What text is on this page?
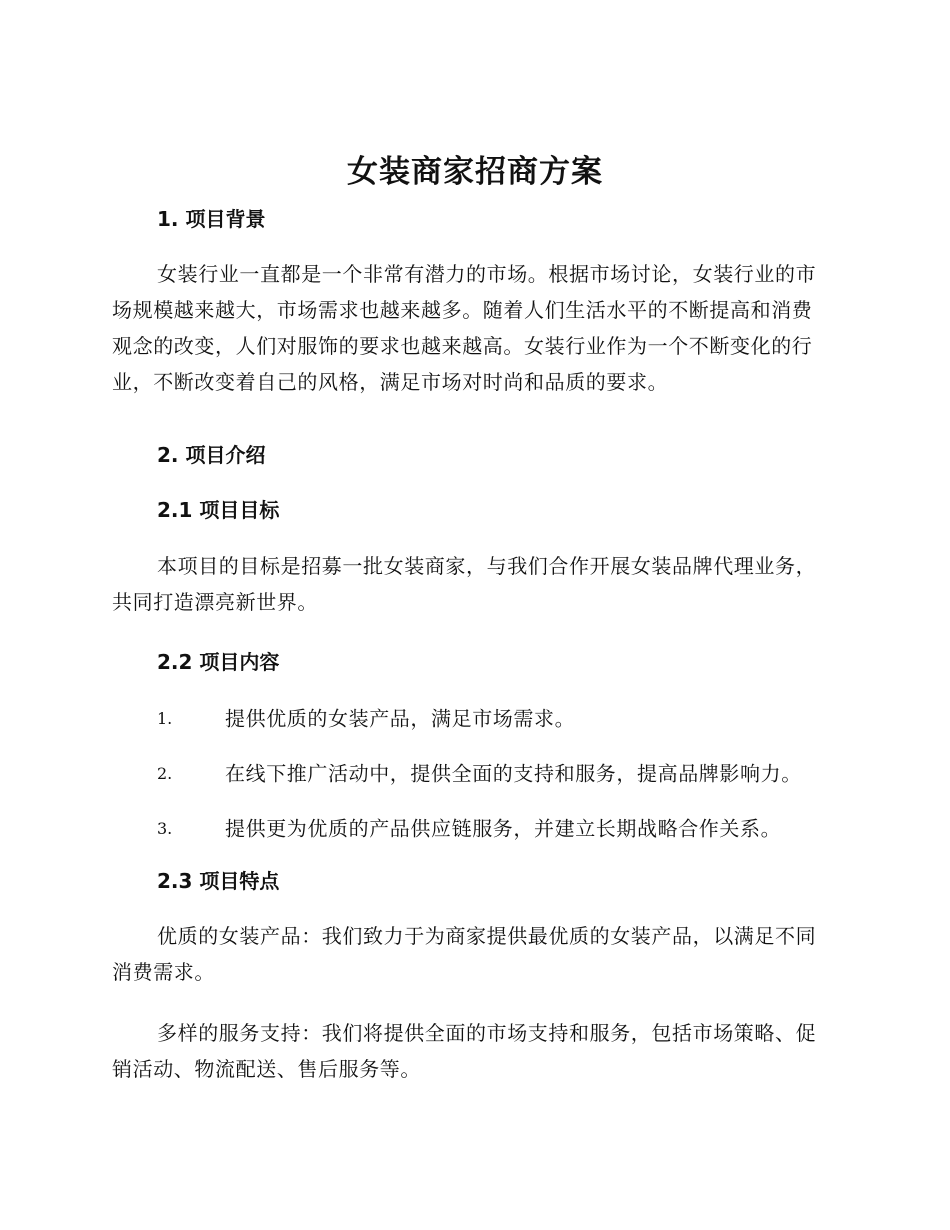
女装商家招商方案
1. 项目背景

女装行业一直都是一个非常有潜力的市场。根据市场讨论，女装行业的市场规模越来越大，市场需求也越来越多。随着人们生活水平的不断提高和消费观念的改变，人们对服饰的要求也越来越高。女装行业作为一个不断变化的行业，不断改变着自己的风格，满足市场对时尚和品质的要求。

2. 项目介绍
2.1 项目目标

本项目的目标是招募一批女装商家，与我们合作开展女装品牌代理业务，共同打造漂亮新世界。

2.2 项目内容
1.	提供优质的女装产品，满足市场需求。
2.	在线下推广活动中，提供全面的支持和服务，提高品牌影响力。
3.	提供更为优质的产品供应链服务，并建立长期战略合作关系。
2.3 项目特点

优质的女装产品：我们致力于为商家提供最优质的女装产品，以满足不同消费需求。

多样的服务支持：我们将提供全面的市场支持和服务，包括市场策略、促销活动、物流配送、售后服务等。
